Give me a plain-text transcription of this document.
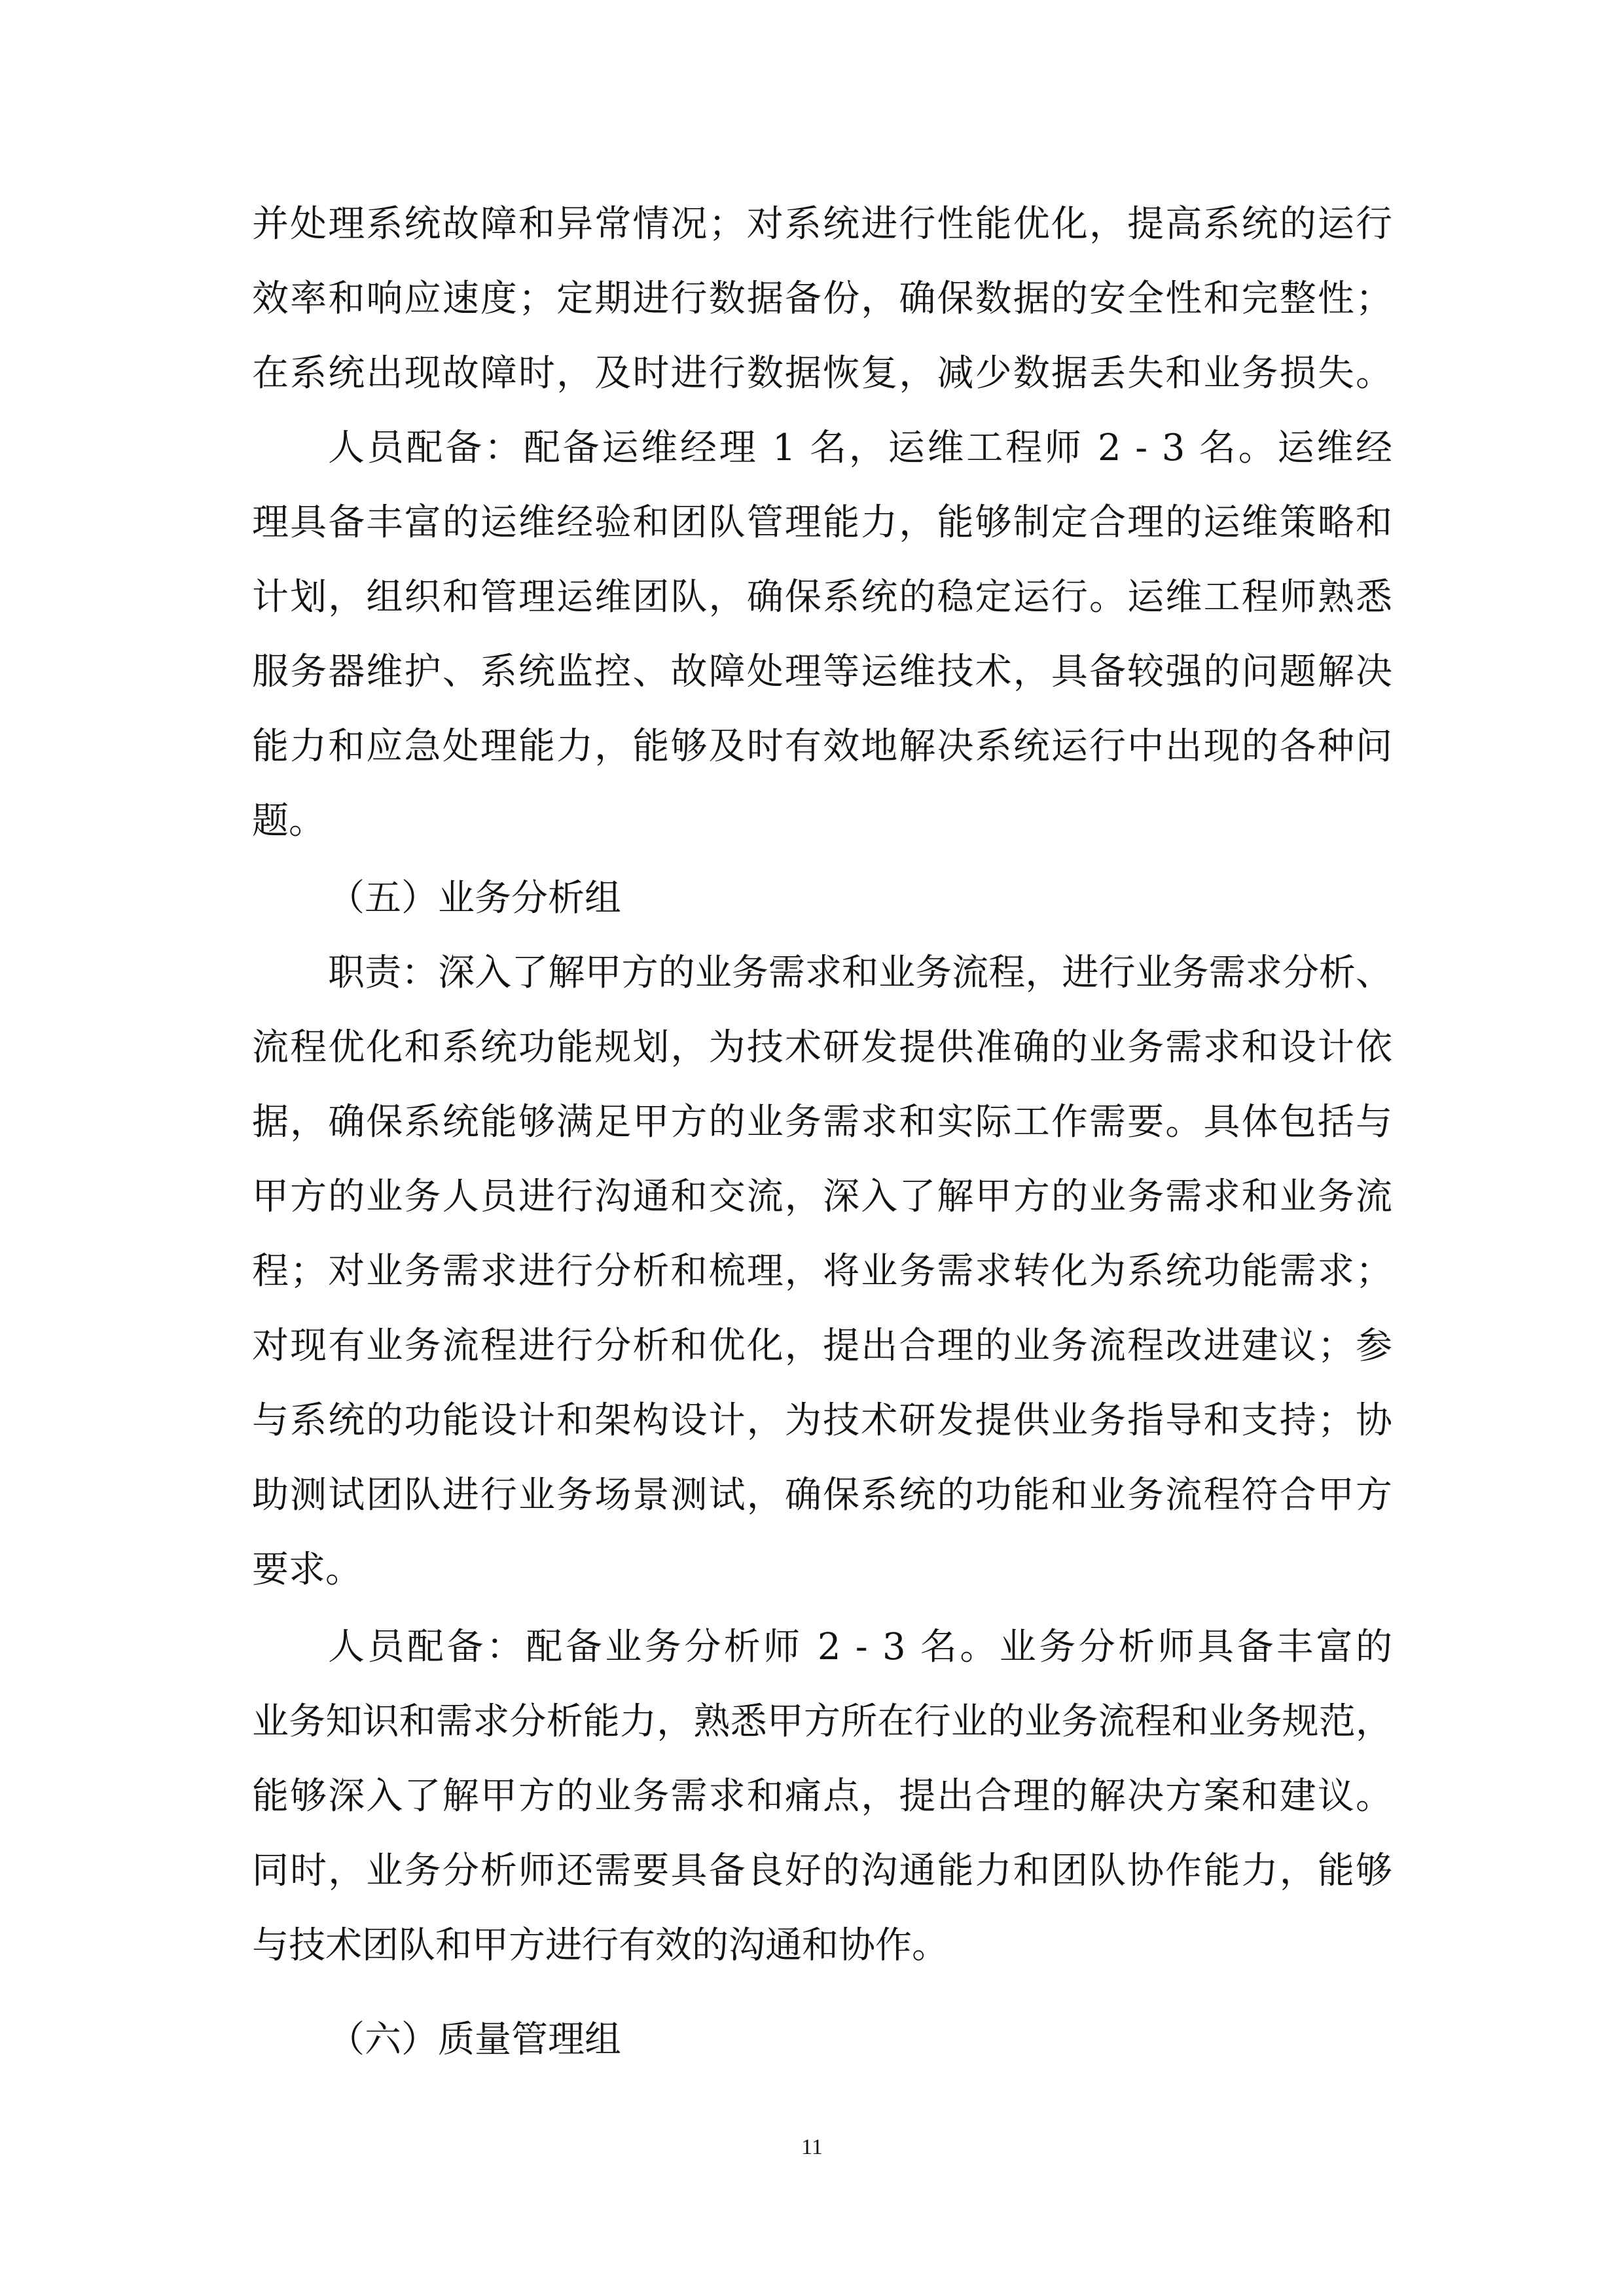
并处理系统故障和异常情况；对系统进行性能优化，提高系统的运行
效率和响应速度；定期进行数据备份，确保数据的安全性和完整性；
在系统出现故障时，及时进行数据恢复，减少数据丢失和业务损失。
人员配备：配备运维经理 1 名，运维工程师 2 - 3 名。运维经
理具备丰富的运维经验和团队管理能力，能够制定合理的运维策略和
计划，组织和管理运维团队，确保系统的稳定运行。运维工程师熟悉
服务器维护、系统监控、故障处理等运维技术，具备较强的问题解决
能力和应急处理能力，能够及时有效地解决系统运行中出现的各种问
题。
（五）业务分析组
职责：深入了解甲方的业务需求和业务流程，进行业务需求分析、
流程优化和系统功能规划，为技术研发提供准确的业务需求和设计依
据，确保系统能够满足甲方的业务需求和实际工作需要。具体包括与
甲方的业务人员进行沟通和交流，深入了解甲方的业务需求和业务流
程；对业务需求进行分析和梳理，将业务需求转化为系统功能需求；
对现有业务流程进行分析和优化，提出合理的业务流程改进建议；参
与系统的功能设计和架构设计，为技术研发提供业务指导和支持；协
助测试团队进行业务场景测试，确保系统的功能和业务流程符合甲方
要求。
人员配备：配备业务分析师 2 - 3 名。业务分析师具备丰富的
业务知识和需求分析能力，熟悉甲方所在行业的业务流程和业务规范，
能够深入了解甲方的业务需求和痛点，提出合理的解决方案和建议。
同时，业务分析师还需要具备良好的沟通能力和团队协作能力，能够
与技术团队和甲方进行有效的沟通和协作。
（六）质量管理组
11
